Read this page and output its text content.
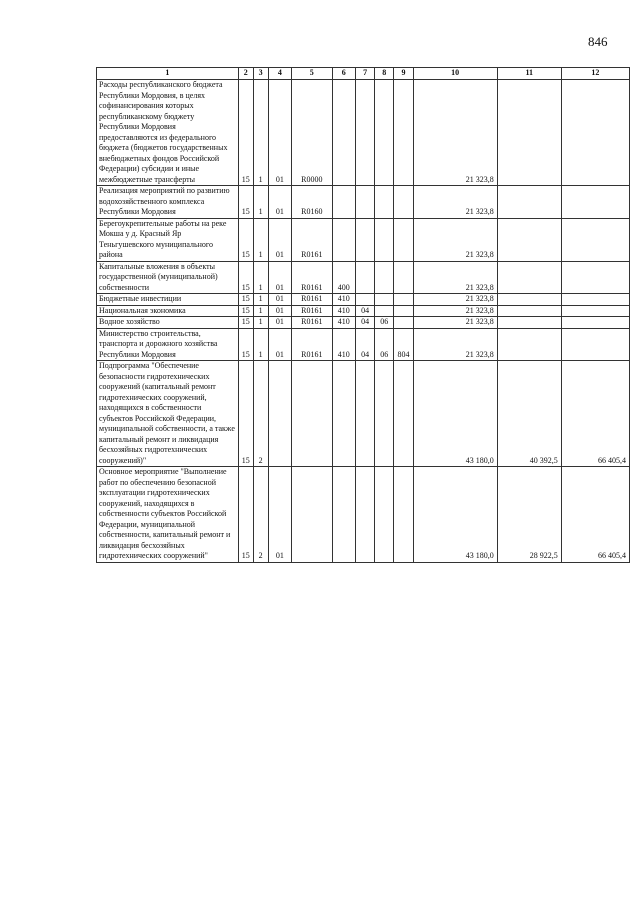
846
1	2	3	4	5	6	7	8	9	10	11	12
Расходы республиканского бюджета Республики Мордовия, в целях софинансирования которых республиканскому бюджету Республики Мордовия предоставляются из федерального бюджета (бюджетов государственных внебюджетных фондов Российской Федерации) субсидии и иные межбюджетные трансферты	15	1	01	R0000					21 323,8		
Реализация мероприятий по развитию водохозяйственного комплекса Республики Мордовия	15	1	01	R0160					21 323,8		
Берегоукрепительные работы на реке Мокша у д. Красный Яр Теньгушевского муниципального района	15	1	01	R0161					21 323,8		
Капитальные вложения в объекты государственной (муниципальной) собственности	15	1	01	R0161	400				21 323,8		
Бюджетные инвестиции	15	1	01	R0161	410				21 323,8		
Национальная экономика	15	1	01	R0161	410	04			21 323,8		
Водное хозяйство	15	1	01	R0161	410	04	06		21 323,8		
Министерство строительства, транспорта и дорожного хозяйства Республики Мордовия	15	1	01	R0161	410	04	06	804	21 323,8		
Подпрограмма "Обеспечение безопасности гидротехнических сооружений (капитальный ремонт гидротехнических сооружений, находящихся в собственности субъектов Российской Федерации, муниципальной собственности, а также капитальный ремонт и ликвидация бесхозяйных гидротехнических сооружений)"	15	2							43 180,0	40 392,5	66 405,4
Основное мероприятие "Выполнение работ по обеспечению безопасной эксплуатации гидротехнических сооружений, находящихся в собственности субъектов Российской Федерации, муниципальной собственности, капитальный ремонт и ликвидация бесхозяйных гидротехнических сооружений"	15	2	01						43 180,0	28 922,5	66 405,4
